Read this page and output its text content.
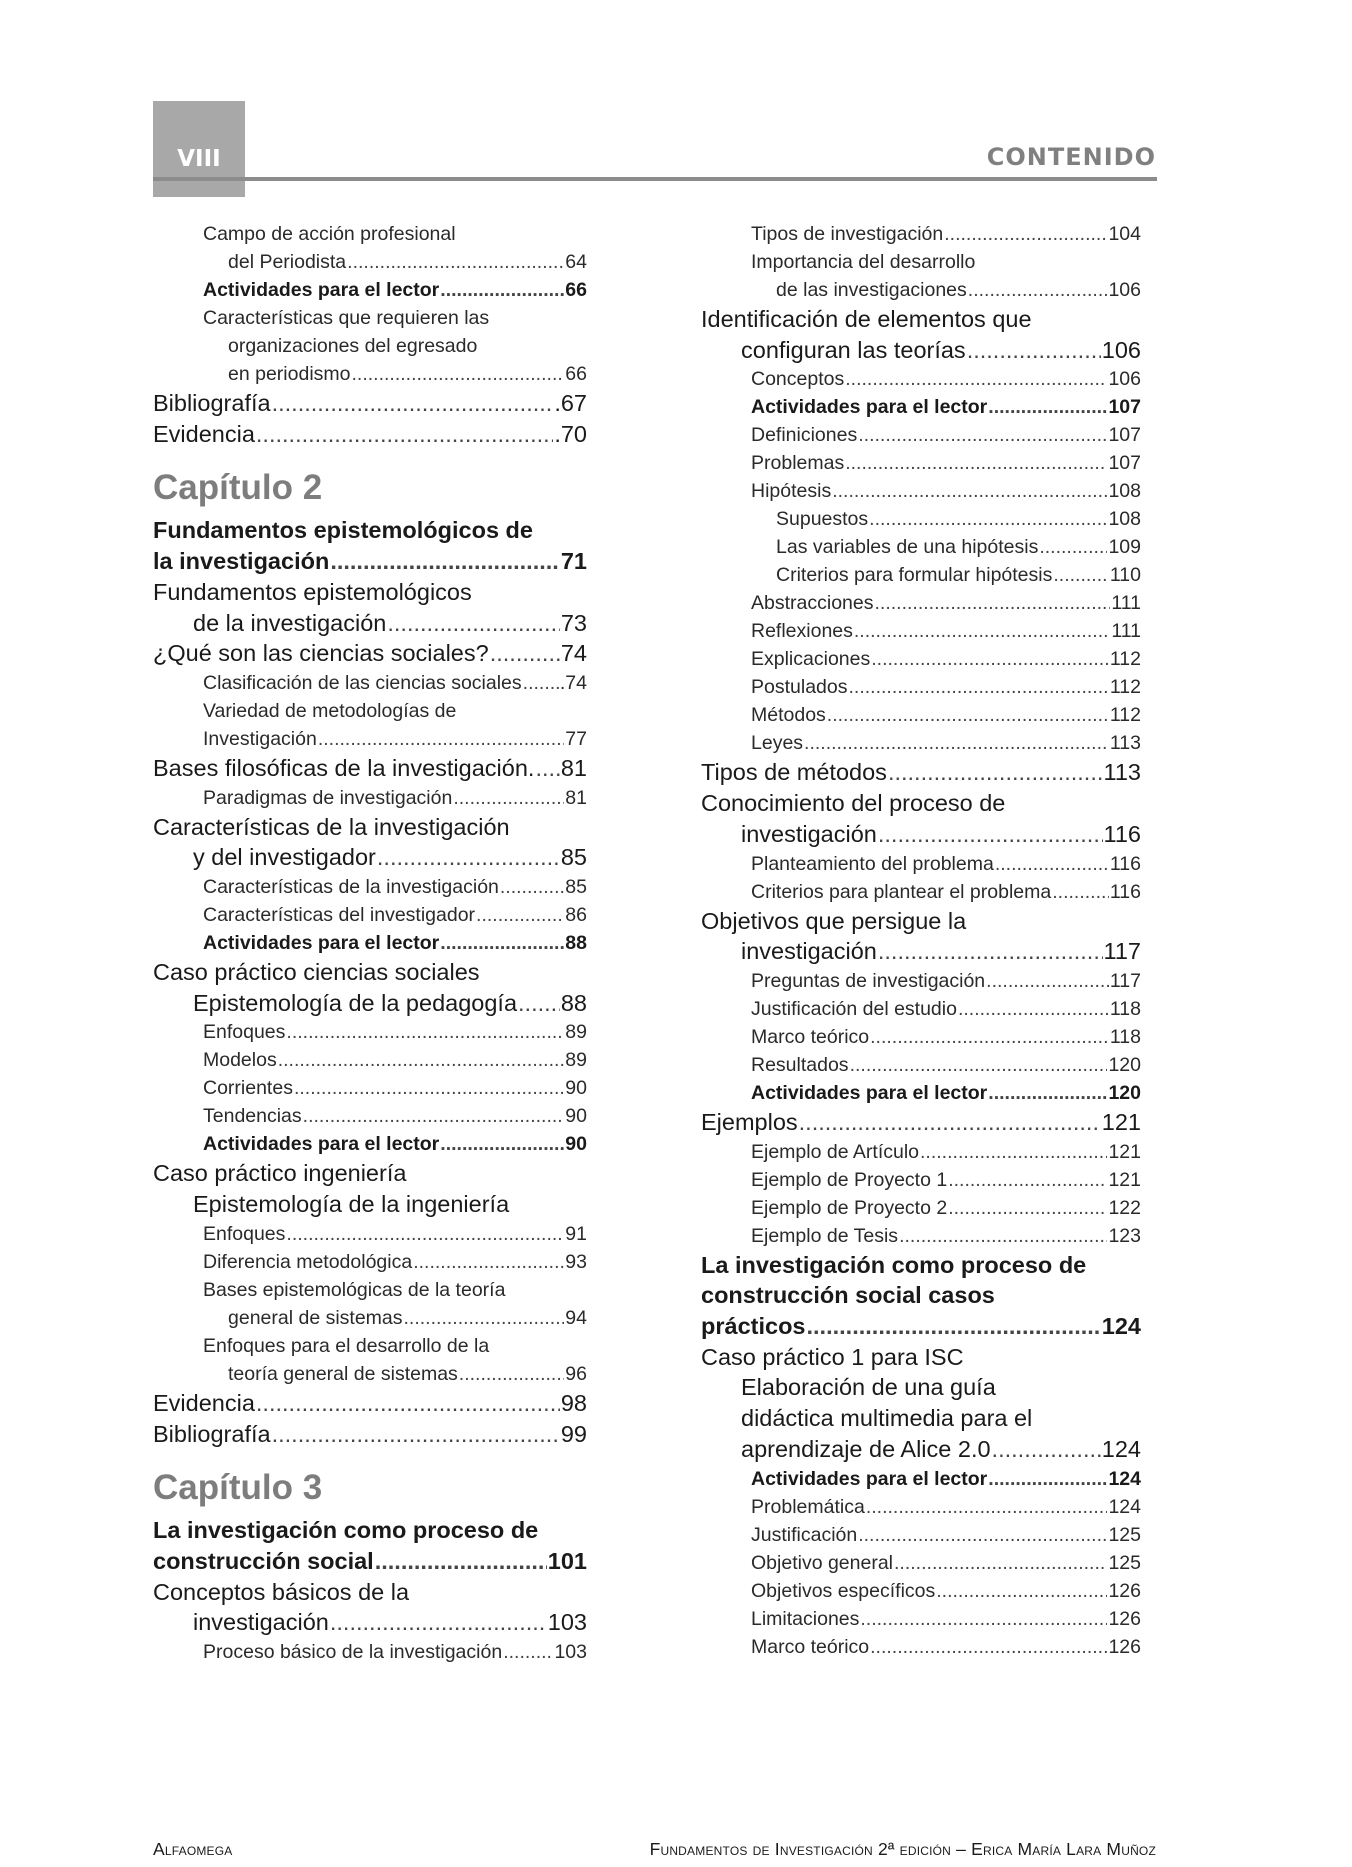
VIII	CONTENIDO
Campo de acción profesional
del Periodista .....	64
Actividades para el lector .....	66
Características que requieren las
organizaciones del egresado
en periodismo .....	66
Bibliografía .....	.67
Evidencia .....	.70
Capítulo 2
Fundamentos epistemológicos de
la investigación .....	71
Fundamentos epistemológicos
de la investigación .....	73
¿Qué son las ciencias sociales? .....	74
Clasificación de las ciencias sociales ..... .74
Variedad de metodologías de
Investigación .....	77
Bases filosóficas de la investigación. ..... 81
Paradigmas de investigación .....	81
Características de la investigación
y del investigador .....	85
Características de la investigación .....	85
Características del investigador .....	86
Actividades para el lector .....	88
Caso práctico ciencias sociales
Epistemología de la pedagogía ..... 88
Enfoques .....	89
Modelos .....	89
Corrientes .....	90
Tendencias .....	90
Actividades para el lector .....	90
Caso práctico ingeniería
Epistemología de la ingeniería
Enfoques .....	91
Diferencia metodológica .....	93
Bases epistemológicas de la teoría
general de sistemas .....	94
Enfoques para el desarrollo de la
teoría general de sistemas .....	96
Evidencia .....	98
Bibliografía .....	99
Capítulo 3
La investigación como proceso de
construcción social .....	101
Conceptos básicos de la
investigación .....	103
Proceso básico de la investigación .....	103
Tipos de investigación .....	104
Importancia del desarrollo
de las investigaciones .....	106
Identificación de elementos que
configuran las teorías .....	106
Conceptos .....	106
Actividades para el lector .....	107
Definiciones .....	107
Problemas .....	107
Hipótesis .....	108
Supuestos .....	108
Las variables de una hipótesis .....	109
Criterios para formular hipótesis .....	110
Abstracciones .....	111
Reflexiones .....	111
Explicaciones .....	112
Postulados .....	112
Métodos .....	112
Leyes .....	113
Tipos de métodos .....	113
Conocimiento del proceso de
investigación .....	116
Planteamiento del problema .....	116
Criterios para plantear el problema .....	116
Objetivos que persigue la
investigación .....	117
Preguntas de investigación .....	117
Justificación del estudio .....	118
Marco teórico .....	118
Resultados .....	120
Actividades para el lector .....	120
Ejemplos .....	121
Ejemplo de Artículo .....	121
Ejemplo de Proyecto 1 .....	121
Ejemplo de Proyecto 2 .....	122
Ejemplo de Tesis .....	123
La investigación como proceso de
construcción social casos
prácticos .....	124
Caso práctico 1 para ISC
Elaboración de una guía
didáctica multimedia para el
aprendizaje de Alice 2.0 .....	124
Actividades para el lector .....	124
Problemática .....	124
Justificación .....	125
Objetivo general .....	125
Objetivos específicos .....	126
Limitaciones .....	126
Marco teórico .....	126
Alfaomega	Fundamentos de Investigación 2ª edición – Erica María Lara Muñoz
